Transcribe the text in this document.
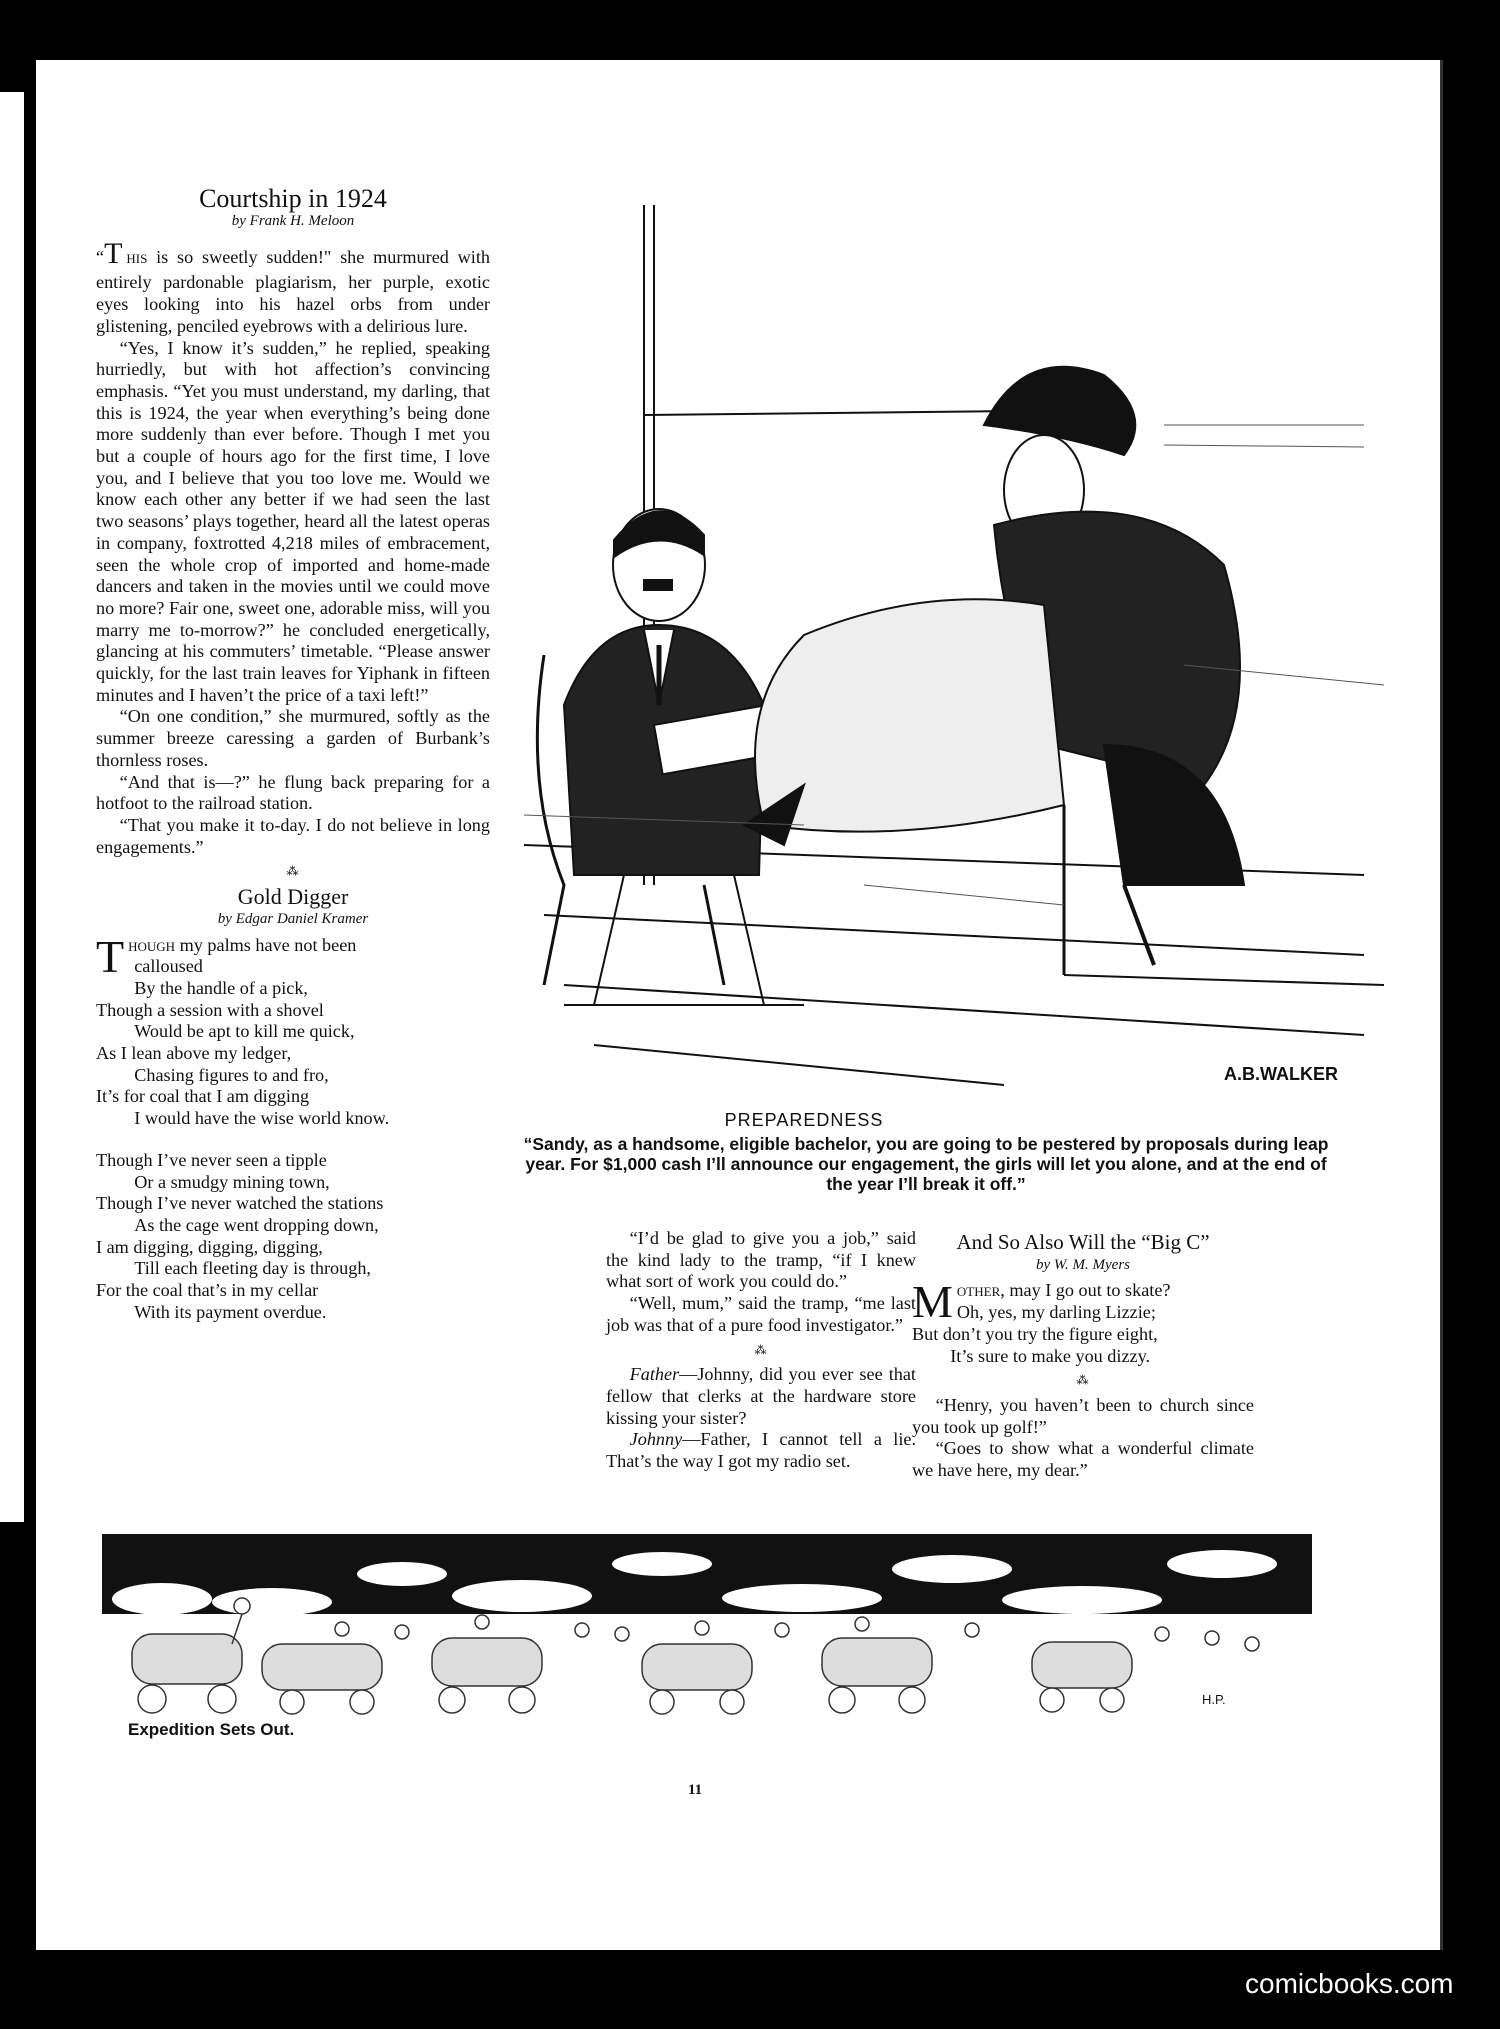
Courtship in 1924
by Frank H. Meloon

“T his is so sweetly sudden!" she murmured with entirely pardonable plagiarism, her purple, exotic eyes looking into his hazel orbs from under glistening, penciled eyebrows with a delirious lure.

“Yes, I know it’s sudden,” he replied, speaking hurriedly, but with hot affection’s convincing emphasis. “Yet you must understand, my darling, that this is 1924, the year when everything’s being done more suddenly than ever before. Though I met you but a couple of hours ago for the first time, I love you, and I believe that you too love me. Would we know each other any better if we had seen the last two seasons’ plays together, heard all the latest operas in company, foxtrotted 4,218 miles of embracement, seen the whole crop of imported and home-made dancers and taken in the movies until we could move no more? Fair one, sweet one, adorable miss, will you marry me to-morrow?” he concluded energetically, glancing at his commuters’ timetable. “Please answer quickly, for the last train leaves for Yiphank in fifteen minutes and I haven’t the price of a taxi left!”

“On one condition,” she murmured, softly as the summer breeze caressing a garden of Burbank’s thornless roses.

“And that is—?” he flung back preparing for a hotfoot to the railroad station.

“That you make it to-day. I do not believe in long engagements.”

⁂
Gold Digger
by Edgar Daniel Kramer
Though my palms have not been
calloused
By the handle of a pick,
Though a session with a shovel
Would be apt to kill me quick,
As I lean above my ledger,
Chasing figures to and fro,
It’s for coal that I am digging
I would have the wise world know.
Though I’ve never seen a tipple
Or a smudgy mining town,
Though I’ve never watched the stations
As the cage went dropping down,
I am digging, digging, digging,
Till each fleeting day is through,
For the coal that’s in my cellar
With its payment overdue.
A.B.WALKER
PREPAREDNESS
“Sandy, as a handsome, eligible bachelor, you are going to be pestered by proposals during leap year. For $1,000 cash I’ll announce our engagement, the girls will let you alone, and at the end of the year I’ll break it off.”

“I’d be glad to give you a job,” said the kind lady to the tramp, “if I knew what sort of work you could do.”

“Well, mum,” said the tramp, “me last job was that of a pure food investigator.”

⁂

Father—Johnny, did you ever see that fellow that clerks at the hardware store kissing your sister?

Johnny—Father, I cannot tell a lie. That’s the way I got my radio set.

And So Also Will the “Big C”
by W. M. Myers
Mother, may I go out to skate?
Oh, yes, my darling Lizzie;
But don’t you try the figure eight,
It’s sure to make you dizzy.
⁂

“Henry, you haven’t been to church since you took up golf!”

“Goes to show what a wonderful climate we have here, my dear.”

H.P.
Expedition Sets Out.
11
comicbooks.com
